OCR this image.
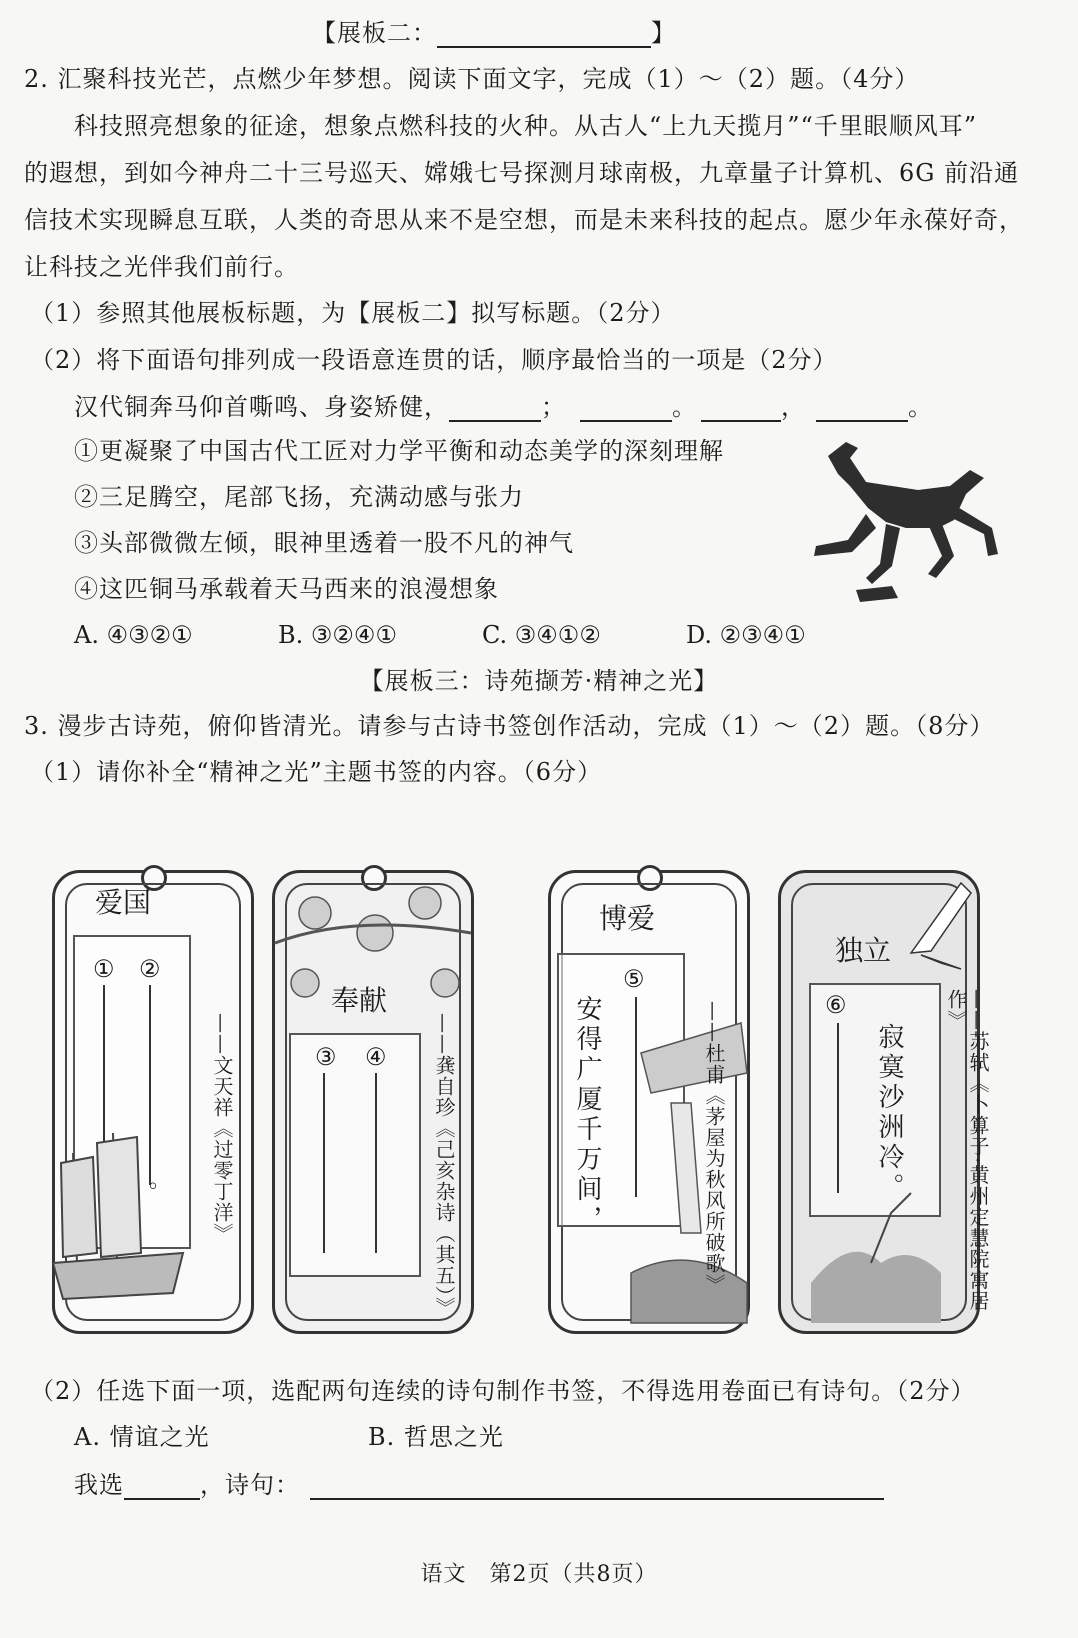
【展板二：	】
2. 汇聚科技光芒，点燃少年梦想。阅读下面文字，完成（1）～（2）题。（4分）
科技照亮想象的征途，想象点燃科技的火种。从古人“上九天揽月”“千里眼顺风耳”
的遐想，到如今神舟二十三号巡天、嫦娥七号探测月球南极，九章量子计算机、6G 前沿通
信技术实现瞬息互联，人类的奇思从来不是空想，而是未来科技的起点。愿少年永葆好奇，
让科技之光伴我们前行。
（1）参照其他展板标题，为【展板二】拟写标题。（2分）
（2）将下面语句排列成一段语意连贯的话，顺序最恰当的一项是（2分）
汉代铜奔马仰首嘶鸣、身姿矫健，	；	。	，	。
①更凝聚了中国古代工匠对力学平衡和动态美学的深刻理解
②三足腾空，尾部飞扬，充满动感与张力
③头部微微左倾，眼神里透着一股不凡的神气
④这匹铜马承载着天马西来的浪漫想象
A. ④③②①	B. ③②④①	C. ③④①②	D. ②③④①
【展板三：诗苑撷芳·精神之光】
3. 漫步古诗苑，俯仰皆清光。请参与古诗书签创作活动，完成（1）～（2）题。（8分）
（1）请你补全“精神之光”主题书签的内容。（6分）
爱国
① ②
。 ——文天祥《过零丁洋》
奉献
③ ④ ——龚自珍《己亥杂诗（其五）》
博爱
⑤
安得广厦千万间，	——杜甫《茅屋为秋风所破歌》
独立
⑥
寂寞沙洲冷。	——苏轼《卜算子·黄州定慧院寓居作》
（2）任选下面一项，选配两句连续的诗句制作书签，不得选用卷面已有诗句。（2分）
A. 情谊之光	B. 哲思之光
我选	，诗句：
语文　第2页（共8页）
